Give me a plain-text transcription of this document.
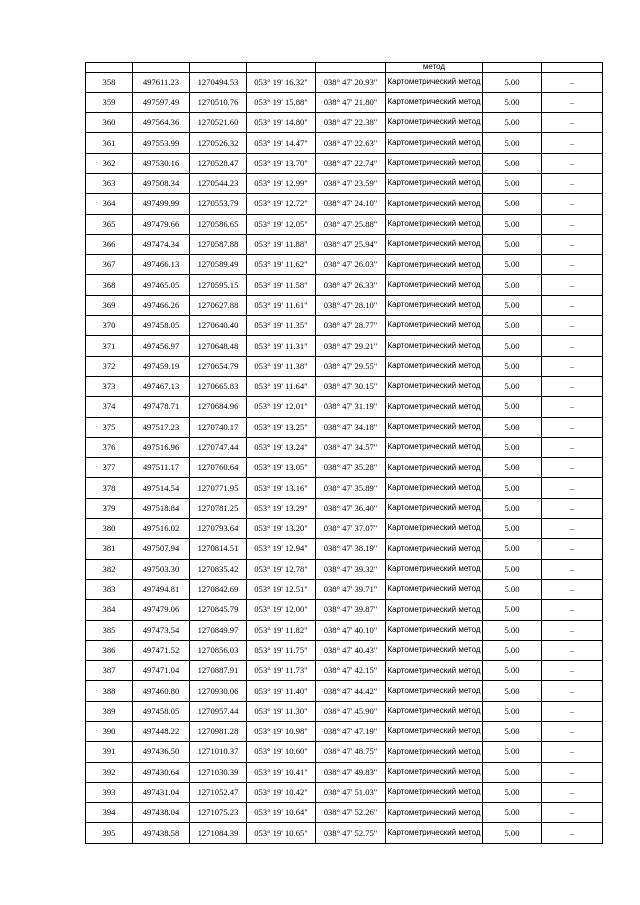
					метод		
358	497611.23	1270494.53	053° 19' 16.32"	038° 47' 20.93"	Картометрический метод	5.00	–
359	497597.49	1270510.76	053° 19' 15.88"	038° 47' 21.80"	Картометрический метод	5.00	–
360	497564.36	1270521.60	053° 19' 14.80"	038° 47' 22.38"	Картометрический метод	5.00	–
361	497553.99	1270526.32	053° 19' 14.47"	038° 47' 22.63"	Картометрический метод	5.00	–
362	497530.16	1270528.47	053° 19' 13.70"	038° 47' 22.74"	Картометрический метод	5.00	–
363	497508.34	1270544.23	053° 19' 12.99"	038° 47' 23.59"	Картометрический метод	5.00	–
364	497499.99	1270553.79	053° 19' 12.72"	038° 47' 24.10"	Картометрический метод	5.00	–
365	497479.66	1270586.65	053° 19' 12.05"	038° 47' 25.88"	Картометрический метод	5.00	–
366	497474.34	1270587.88	053° 19' 11.88"	038° 47' 25.94"	Картометрический метод	5.00	–
367	497466.13	1270589.49	053° 19' 11.62"	038° 47' 26.03"	Картометрический метод	5.00	–
368	497465.05	1270595.15	053° 19' 11.58"	038° 47' 26.33"	Картометрический метод	5.00	–
369	497466.26	1270627.88	053° 19' 11.61"	038° 47' 28.10"	Картометрический метод	5.00	–
370	497458.05	1270640.40	053° 19' 11.35"	038° 47' 28.77"	Картометрический метод	5.00	–
371	497456.97	1270648.48	053° 19' 11.31"	038° 47' 29.21"	Картометрический метод	5.00	–
372	497459.19	1270654.79	053° 19' 11.38"	038° 47' 29.55"	Картометрический метод	5.00	–
373	497467.13	1270665.83	053° 19' 11.64"	038° 47' 30.15"	Картометрический метод	5.00	–
374	497478.71	1270684.96	053° 19' 12.01"	038° 47' 31.19"	Картометрический метод	5.00	–
375	497517.23	1270740.17	053° 19' 13.25"	038° 47' 34.18"	Картометрический метод	5.00	–
376	497516.96	1270747.44	053° 19' 13.24"	038° 47' 34.57"	Картометрический метод	5.00	–
377	497511.17	1270760.64	053° 19' 13.05"	038° 47' 35.28"	Картометрический метод	5.00	–
378	497514.54	1270771.95	053° 19' 13.16"	038° 47' 35.89"	Картометрический метод	5.00	–
379	497518.84	1270781.25	053° 19' 13.29"	038° 47' 36.40"	Картометрический метод	5.00	–
380	497516.02	1270793.64	053° 19' 13.20"	038° 47' 37.07"	Картометрический метод	5.00	–
381	497507.94	1270814.51	053° 19' 12.94"	038° 47' 38.19"	Картометрический метод	5.00	–
382	497503.30	1270835.42	053° 19' 12.78"	038° 47' 39.32"	Картометрический метод	5.00	–
383	497494.81	1270842.69	053° 19' 12.51"	038° 47' 39.71"	Картометрический метод	5.00	–
384	497479.06	1270845.79	053° 19' 12.00"	038° 47' 39.87"	Картометрический метод	5.00	–
385	497473.54	1270849.97	053° 19' 11.82"	038° 47' 40.10"	Картометрический метод	5.00	–
386	497471.52	1270856.03	053° 19' 11.75"	038° 47' 40.43"	Картометрический метод	5.00	–
387	497471.04	1270887.91	053° 19' 11.73"	038° 47' 42.15"	Картометрический метод	5.00	–
388	497460.80	1270930.06	053° 19' 11.40"	038° 47' 44.42"	Картометрический метод	5.00	–
389	497458.05	1270957.44	053° 19' 11.30"	038° 47' 45.90"	Картометрический метод	5.00	–
390	497448.22	1270981.28	053° 19' 10.98"	038° 47' 47.19"	Картометрический метод	5.00	–
391	497436.50	1271010.37	053° 19' 10.60"	038° 47' 48.75"	Картометрический метод	5.00	–
392	497430.64	1271030.39	053° 19' 10.41"	038° 47' 49.83"	Картометрический метод	5.00	–
393	497431.04	1271052.47	053° 19' 10.42"	038° 47' 51.03"	Картометрический метод	5.00	–
394	497438.04	1271075.23	053° 19' 10.64"	038° 47' 52.26"	Картометрический метод	5.00	–
395	497438.58	1271084.39	053° 19' 10.65"	038° 47' 52.75"	Картометрический метод	5.00	–
